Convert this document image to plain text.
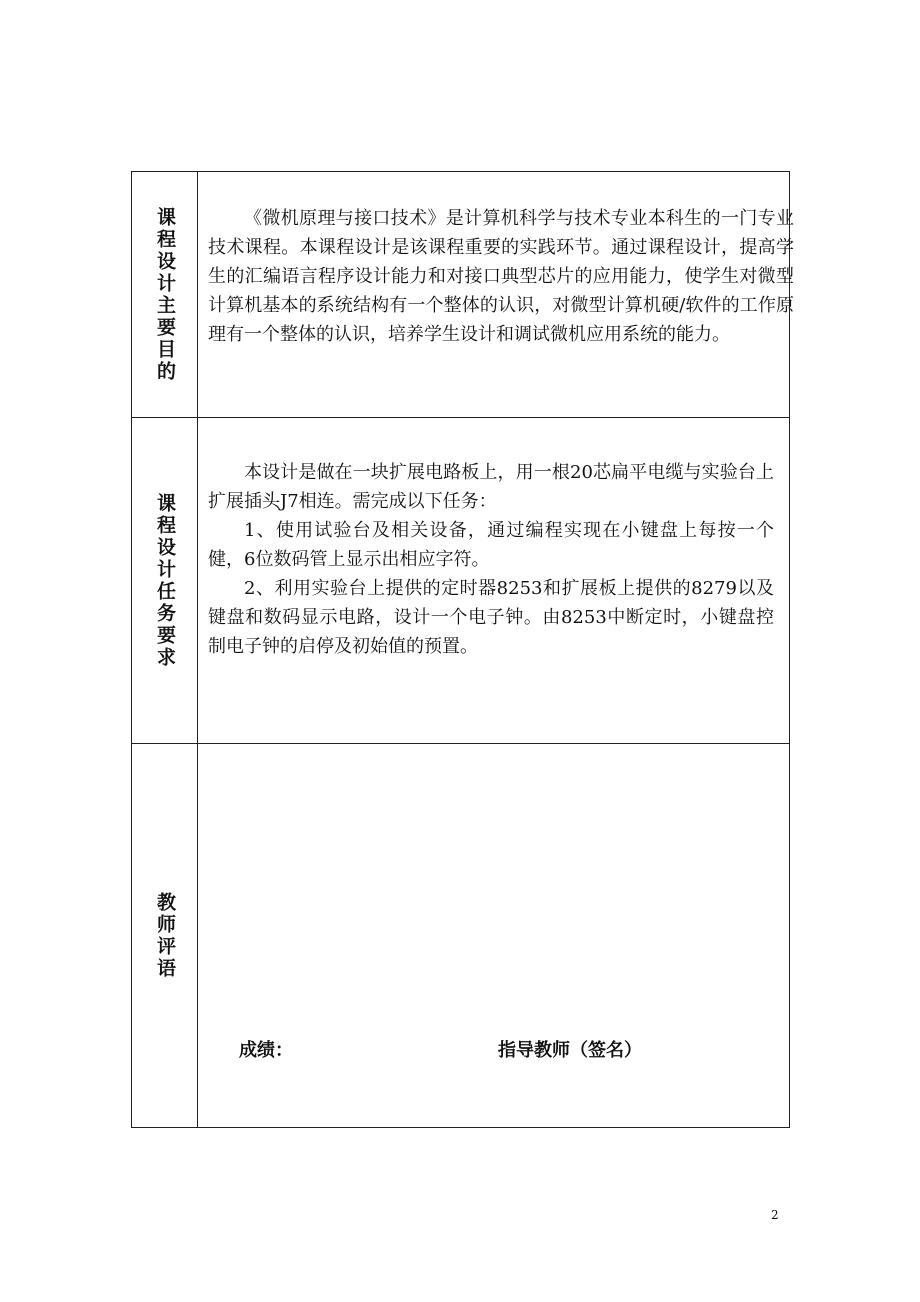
课程设计主要目的	《微机原理与接口技术》是计算机科学与技术专业本科生的一门专业技术课程。本课程设计是该课程重要的实践环节。通过课程设计，提高学生的汇编语言程序设计能力和对接口典型芯片的应用能力，使学生对微型计算机基本的系统结构有一个整体的认识，对微型计算机硬/软件的工作原理有一个整体的认识，培养学生设计和调试微机应用系统的能力。

课程设计任务要求

本设计是做在一块扩展电路板上，用一根20芯扁平电缆与实验台上扩展插头J7相连。需完成以下任务：

1、使用试验台及相关设备，通过编程实现在小键盘上每按一个健，6位数码管上显示出相应字符。

2、利用实验台上提供的定时器8253和扩展板上提供的8279以及键盘和数码显示电路，设计一个电子钟。由8253中断定时，小键盘控制电子钟的启停及初始值的预置。

教师评语
成绩：	指导教师（签名）
2
